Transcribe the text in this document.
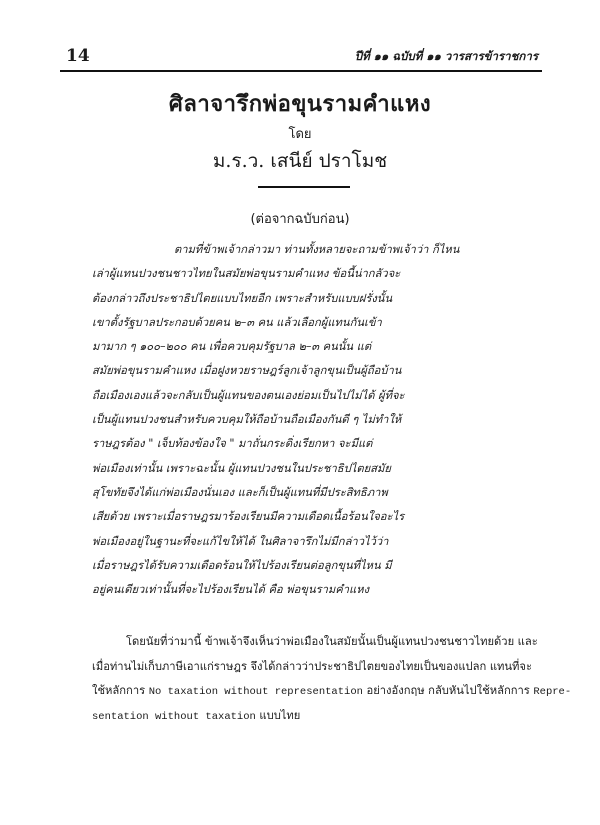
14	ปีที่ ๑๑ ฉบับที่ ๑๑ วารสารข้าราชการ
ศิลาจารึกพ่อขุนรามคำแหง
โดย
ม.ร.ว. เสนีย์ ปราโมช
(ต่อจากฉบับก่อน)
ตามที่ข้าพเจ้ากล่าวมา ท่านทั้งหลายจะถามข้าพเจ้าว่า ก็ไหน
เล่าผู้แทนปวงชนชาวไทยในสมัยพ่อขุนรามคำแหง ข้อนี้น่ากลัวจะ
ต้องกล่าวถึงประชาธิปไตยแบบไทยอีก เพราะสำหรับแบบฝรั่งนั้น
เขาตั้งรัฐบาลประกอบด้วยคน ๒–๓ คน แล้วเลือกผู้แทนกันเข้า
มามาก ๆ ๑๐๐–๒๐๐ คน เพื่อควบคุมรัฐบาล ๒–๓ คนนั้น แต่
สมัยพ่อขุนรามคำแหง เมื่อฝูงหวยราษฎร์ลูกเจ้าลูกขุนเป็นผู้ถือบ้าน
ถือเมืองเองแล้วจะกลับเป็นผู้แทนของตนเองย่อมเป็นไปไม่ได้ ผู้ที่จะ
เป็นผู้แทนปวงชนสำหรับควบคุมให้ถือบ้านถือเมืองกันดี ๆ ไม่ทำให้
ราษฎรต้อง " เจ็บท้องข้องใจ " มาถั่นกระดิ่งเรียกหา จะมีแต่
พ่อเมืองเท่านั้น เพราะฉะนั้น ผู้แทนปวงชนในประชาธิปไตยสมัย
สุโขทัยจึงได้แก่พ่อเมืองนั่นเอง และก็เป็นผู้แทนที่มีประสิทธิภาพ
เสียด้วย เพราะเมื่อราษฎรมาร้องเรียนมีความเดือดเนื้อร้อนใจอะไร
พ่อเมืองอยู่ในฐานะที่จะแก้ไขให้ได้ ในศิลาจารึกไม่มีกล่าวไว้ว่า
เมื่อราษฎรได้รับความเดือดร้อนให้ไปร้องเรียนต่อลูกขุนที่ไหน มี
อยู่คนเดียวเท่านั้นที่จะไปร้องเรียนได้ คือ พ่อขุนรามคำแหง
โดยนัยที่ว่ามานี้ ข้าพเจ้าจึงเห็นว่าพ่อเมืองในสมัยนั้นเป็นผู้แทนปวงชนชาวไทยด้วย และ
เมื่อท่านไม่เก็บภาษีเอาแก่ราษฎร จึงได้กล่าวว่าประชาธิปไตยของไทยเป็นของแปลก แทนที่จะ
ใช้หลักการ No taxation without representation อย่างอังกฤษ กลับหันไปใช้หลักการ Repre-
sentation without taxation แบบไทย
